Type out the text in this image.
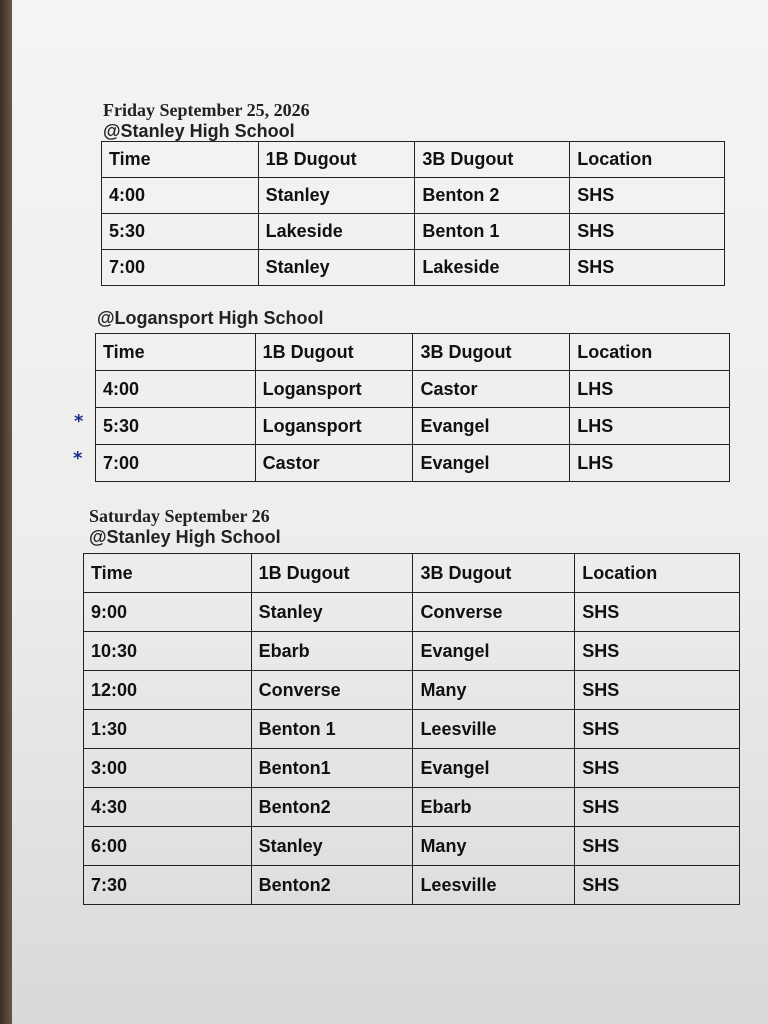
Friday September 25, 2026
@Stanley High School
Time	1B Dugout	3B Dugout	Location
4:00	Stanley	Benton 2	SHS
5:30	Lakeside	Benton 1	SHS
7:00	Stanley	Lakeside	SHS
@Logansport High School
Time	1B Dugout	3B Dugout	Location
4:00	Logansport	Castor	LHS
5:30	Logansport	Evangel	LHS
7:00	Castor	Evangel	LHS
*
*
Saturday September 26
@Stanley High School
Time	1B Dugout	3B Dugout	Location
9:00	Stanley	Converse	SHS
10:30	Ebarb	Evangel	SHS
12:00	Converse	Many	SHS
1:30	Benton 1	Leesville	SHS
3:00	Benton1	Evangel	SHS
4:30	Benton2	Ebarb	SHS
6:00	Stanley	Many	SHS
7:30	Benton2	Leesville	SHS
